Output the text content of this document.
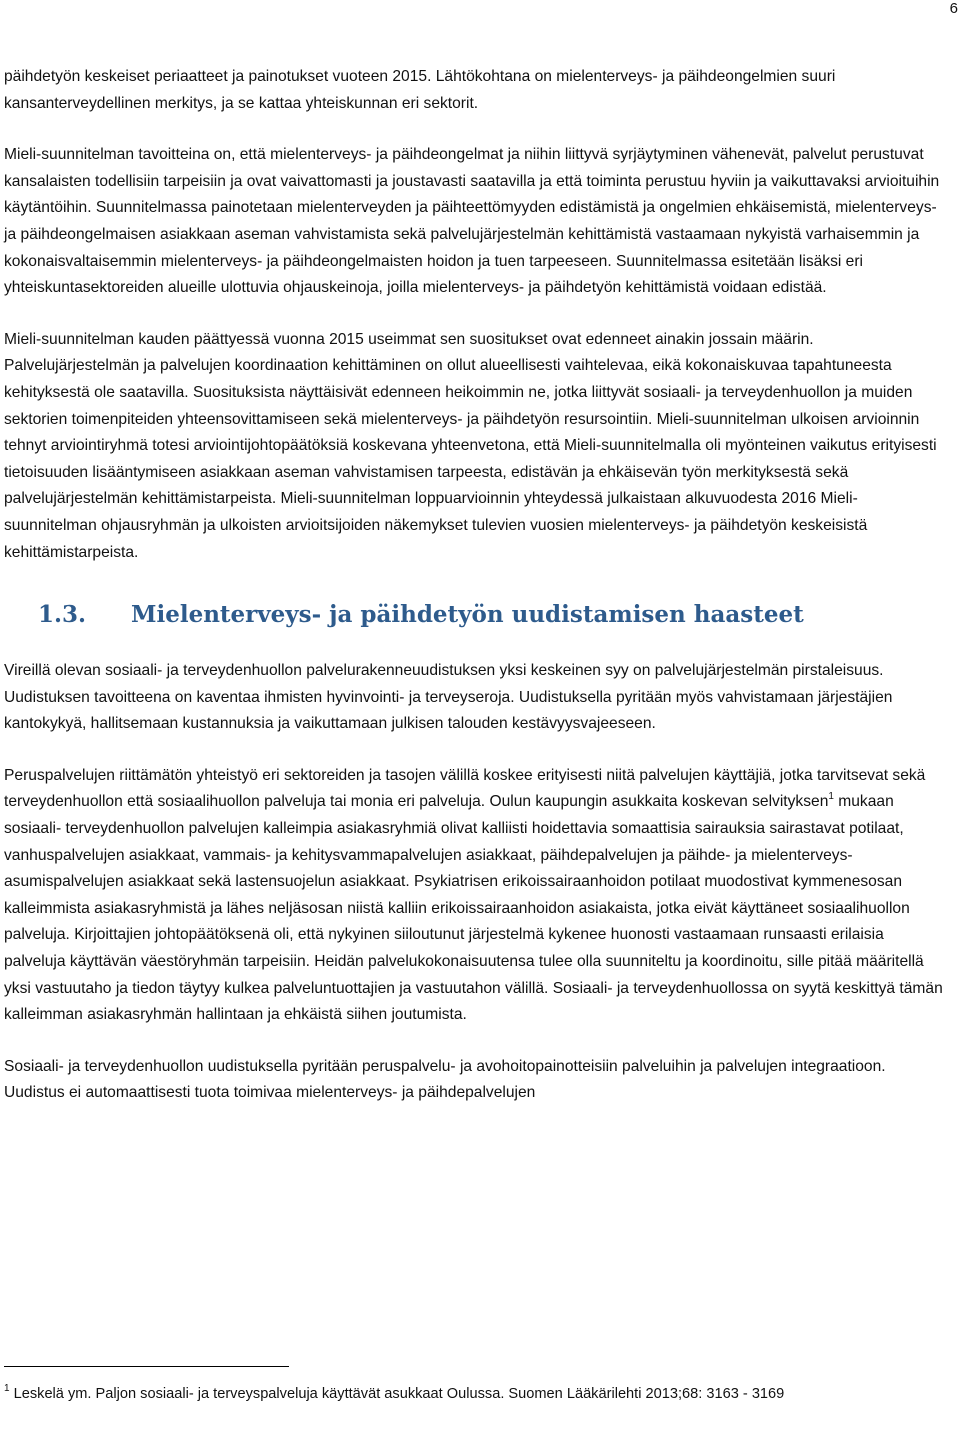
6

päihdetyön keskeiset periaatteet ja painotukset vuoteen 2015. Lähtökohtana on mielenterveys- ja päihdeongelmien suuri kansanterveydellinen merkitys, ja se kattaa yhteiskunnan eri sektorit.

Mieli-suunnitelman tavoitteina on, että mielenterveys- ja päihdeongelmat ja niihin liittyvä syrjäytyminen vähenevät, palvelut perustuvat kansalaisten todellisiin tarpeisiin ja ovat vaivattomasti ja joustavasti saatavilla ja että toiminta perustuu hyviin ja vaikuttavaksi arvioituihin käytäntöihin. Suunnitelmassa painotetaan mielenterveyden ja päihteettömyyden edistämistä ja ongelmien ehkäisemistä, mielenterveys- ja päihdeongelmaisen asiakkaan aseman vahvistamista sekä palvelujärjestelmän kehittämistä vastaamaan nykyistä varhaisemmin ja kokonaisvaltaisemmin mielenterveys- ja päihdeongelmaisten hoidon ja tuen tarpeeseen. Suunnitelmassa esitetään lisäksi eri yhteiskuntasektoreiden alueille ulottuvia ohjauskeinoja, joilla mielenterveys- ja päihdetyön kehittämistä voidaan edistää.

Mieli-suunnitelman kauden päättyessä vuonna 2015 useimmat sen suositukset ovat edenneet ainakin jossain määrin. Palvelujärjestelmän ja palvelujen koordinaation kehittäminen on ollut alueellisesti vaihtelevaa, eikä kokonaiskuvaa tapahtuneesta kehityksestä ole saatavilla. Suosituksista näyttäisivät edenneen heikoimmin ne, jotka liittyvät sosiaali- ja terveydenhuollon ja muiden sektorien toimenpiteiden yhteensovittamiseen sekä mielenterveys- ja päihdetyön resursointiin. Mieli-suunnitelman ulkoisen arvioinnin tehnyt arviointiryhmä totesi arviointijohtopäätöksiä koskevana yhteenvetona, että Mieli-suunnitelmalla oli myönteinen vaikutus erityisesti tietoisuuden lisääntymiseen asiakkaan aseman vahvistamisen tarpeesta, edistävän ja ehkäisevän työn merkityksestä sekä palvelujärjestelmän kehittämistarpeista. Mieli-suunnitelman loppuarvioinnin yhteydessä julkaistaan alkuvuodesta 2016 Mieli-suunnitelman ohjausryhmän ja ulkoisten arvioitsijoiden näkemykset tulevien vuosien mielenterveys- ja päihdetyön keskeisistä kehittämistarpeista.

1.3.	Mielenterveys- ja päihdetyön uudistamisen haasteet

Vireillä olevan sosiaali- ja terveydenhuollon palvelurakenneuudistuksen yksi keskeinen syy on palvelujärjestelmän pirstaleisuus. Uudistuksen tavoitteena on kaventaa ihmisten hyvinvointi- ja terveyseroja. Uudistuksella pyritään myös vahvistamaan järjestäjien kantokykyä, hallitsemaan kustannuksia ja vaikuttamaan julkisen talouden kestävyysvajeeseen.

Peruspalvelujen riittämätön yhteistyö eri sektoreiden ja tasojen välillä koskee erityisesti niitä palvelujen käyttäjiä, jotka tarvitsevat sekä terveydenhuollon että sosiaalihuollon palveluja tai monia eri palveluja. Oulun kaupungin asukkaita koskevan selvityksen$^1$ mukaan sosiaali- terveydenhuollon palvelujen kalleimpia asiakasryhmiä olivat kalliisti hoidettavia somaattisia sairauksia sairastavat potilaat, vanhuspalvelujen asiakkaat, vammais- ja kehitysvammapalvelujen asiakkaat, päihdepalvelujen ja päihde- ja mielenterveys-asumispalvelujen asiakkaat sekä lastensuojelun asiakkaat. Psykiatrisen erikoissairaanhoidon potilaat muodostivat kymmenesosan kalleimmista asiakasryhmistä ja lähes neljäsosan niistä kalliin erikoissairaanhoidon asiakaista, jotka eivät käyttäneet sosiaalihuollon palveluja. Kirjoittajien johtopäätöksenä oli, että nykyinen siiloutunut järjestelmä kykenee huonosti vastaamaan runsaasti erilaisia palveluja käyttävän väestöryhmän tarpeisiin. Heidän palvelukokonaisuutensa tulee olla suunniteltu ja koordinoitu, sille pitää määritellä yksi vastuutaho ja tiedon täytyy kulkea palveluntuottajien ja vastuutahon välillä. Sosiaali- ja terveydenhuollossa on syytä keskittyä tämän kalleimman asiakasryhmän hallintaan ja ehkäistä siihen joutumista.

Sosiaali- ja terveydenhuollon uudistuksella pyritään peruspalvelu- ja avohoitopainotteisiin palveluihin ja palvelujen integraatioon. Uudistus ei automaattisesti tuota toimivaa mielenterveys- ja päihdepalvelujen

$^1$ Leskelä ym. Paljon sosiaali- ja terveyspalveluja käyttävät asukkaat Oulussa. Suomen Lääkärilehti 2013;68: 3163 - 3169
